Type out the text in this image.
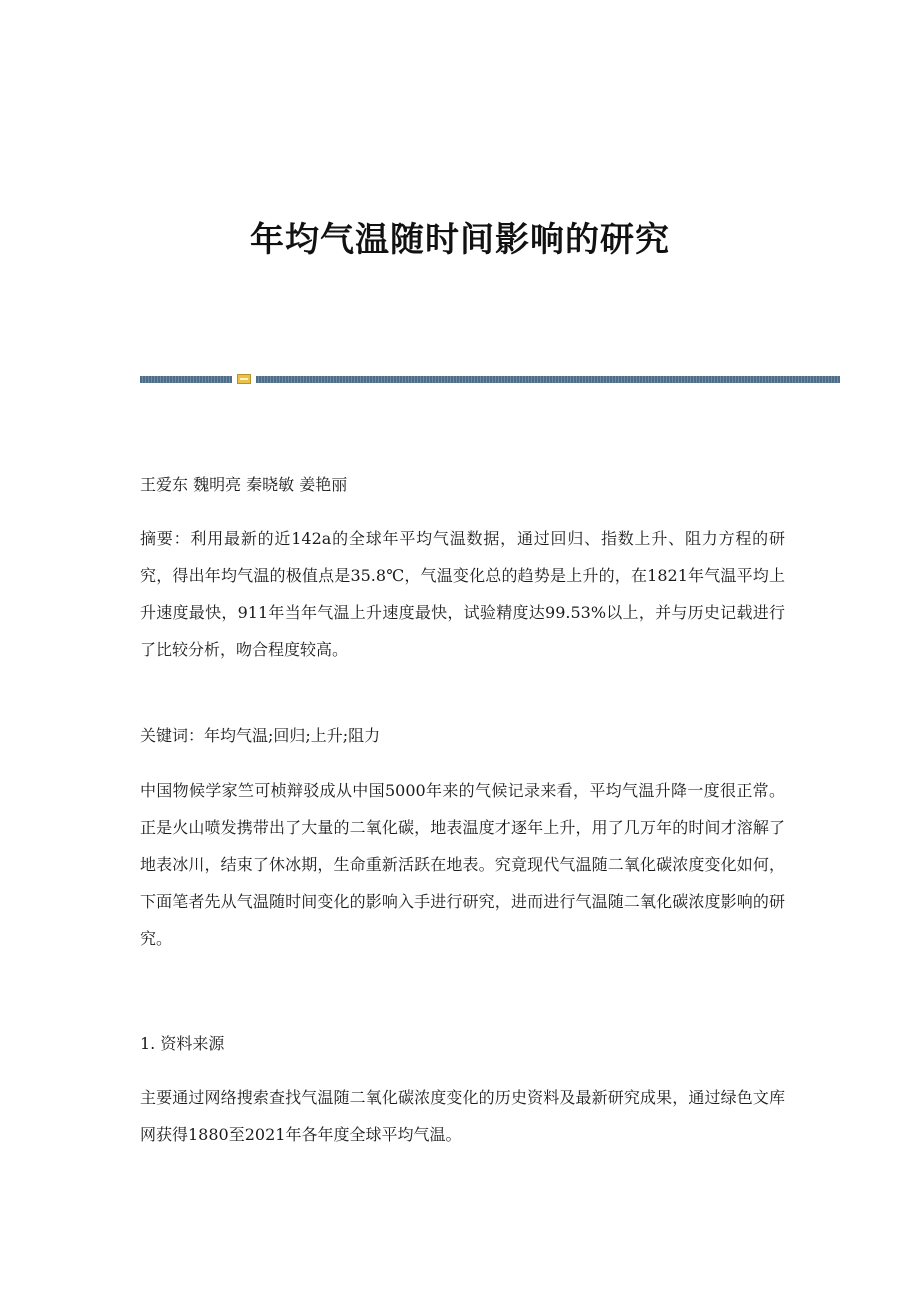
年均气温随时间影响的研究

王爱东 魏明亮 秦晓敏 姜艳丽

摘要：利用最新的近142a的全球年平均气温数据，通过回归、指数上升、阻力方程的研究，得出年均气温的极值点是35.8℃，气温变化总的趋势是上升的，在1821年气温平均上升速度最快，911年当年气温上升速度最快，试验精度达99.53%以上，并与历史记载进行了比较分析，吻合程度较高。

关键词：年均气温;回归;上升;阻力

中国物候学家竺可桢辩驳成从中国5000年来的气候记录来看，平均气温升降一度很正常。正是火山喷发携带出了大量的二氧化碳，地表温度才逐年上升，用了几万年的时间才溶解了地表冰川，结束了休冰期，生命重新活跃在地表。究竟现代气温随二氧化碳浓度变化如何，下面笔者先从气温随时间变化的影响入手进行研究，进而进行气温随二氧化碳浓度影响的研究。

1. 资料来源

主要通过网络搜索查找气温随二氧化碳浓度变化的历史资料及最新研究成果，通过绿色文库网获得1880至2021年各年度全球平均气温。
